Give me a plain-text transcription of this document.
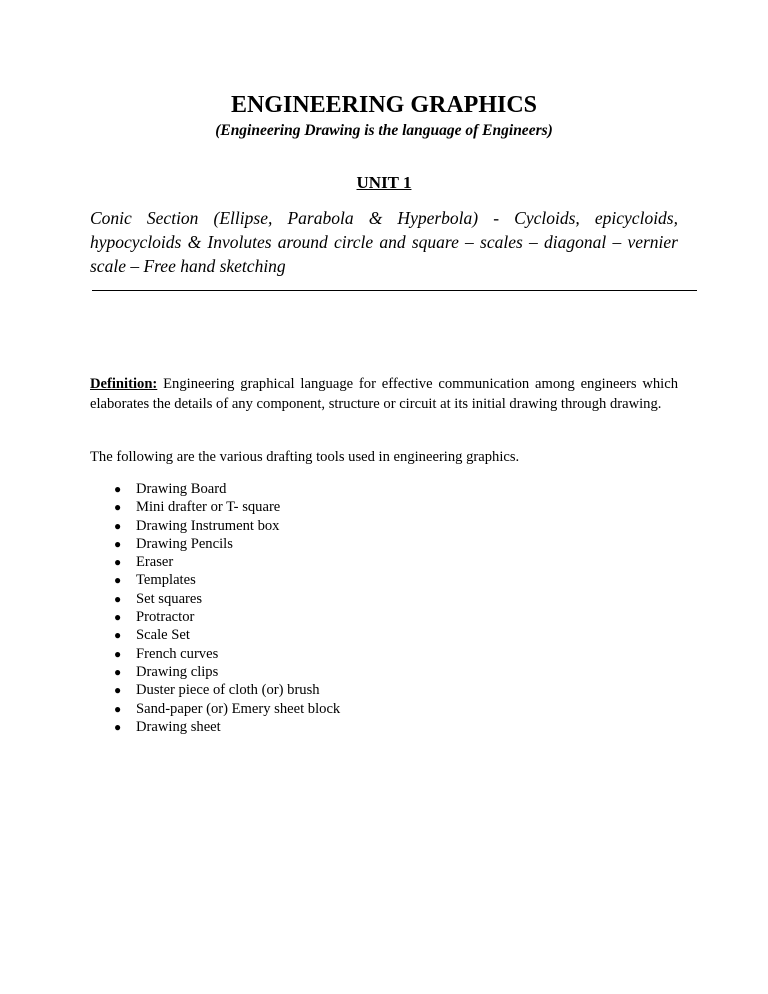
ENGINEERING GRAPHICS

(Engineering Drawing is the language of Engineers)

UNIT 1

Conic Section (Ellipse, Parabola & Hyperbola) - Cycloids, epicycloids, hypocycloids & Involutes around circle and square – scales – diagonal – vernier scale – Free hand sketching

Definition: Engineering graphical language for effective communication among engineers which elaborates the details of any component, structure or circuit at its initial drawing through drawing.

The following are the various drafting tools used in engineering graphics.

● Drawing Board
● Mini drafter or T- square
● Drawing Instrument box
● Drawing Pencils
● Eraser
● Templates
● Set squares
● Protractor
● Scale Set
● French curves
● Drawing clips
● Duster piece of cloth (or) brush
● Sand-paper (or) Emery sheet block
● Drawing sheet
